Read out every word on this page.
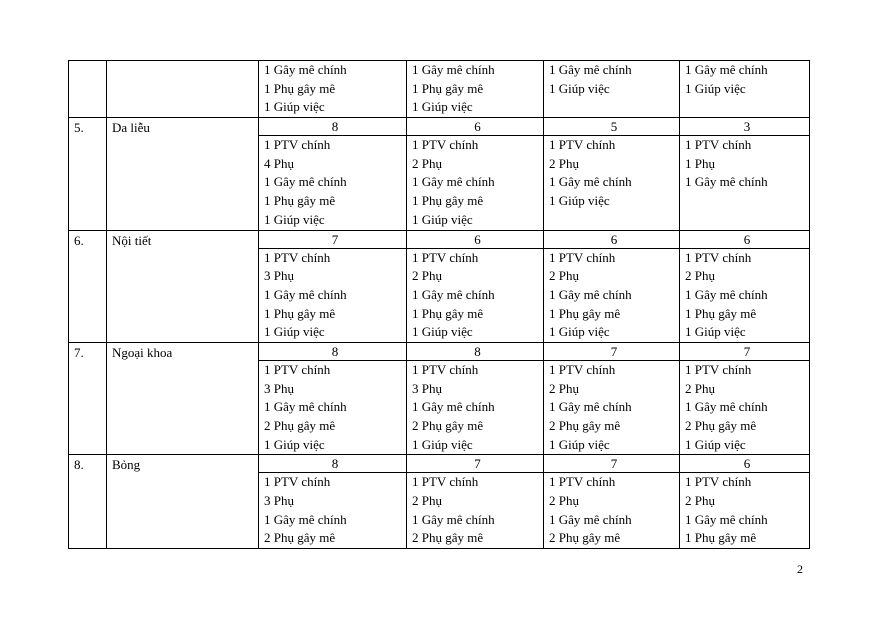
		1 Gây mê chính
1 Phụ gây mê
1 Giúp việc	1 Gây mê chính
1 Phụ gây mê
1 Giúp việc	1 Gây mê chính
1 Giúp việc	1 Gây mê chính
1 Giúp việc

5.	Da liễu	8	6	5	3

		1 PTV chính
4 Phụ
1 Gây mê chính
1 Phụ gây mê
1 Giúp việc	1 PTV chính
2 Phụ
1 Gây mê chính
1 Phụ gây mê
1 Giúp việc	1 PTV chính
2 Phụ
1 Gây mê chính
1 Giúp việc	1 PTV chính
1 Phụ
1 Gây mê chính

6.	Nội tiết	7	6	6	6

		1 PTV chính
3 Phụ
1 Gây mê chính
1 Phụ gây mê
1 Giúp việc	1 PTV chính
2 Phụ
1 Gây mê chính
1 Phụ gây mê
1 Giúp việc	1 PTV chính
2 Phụ
1 Gây mê chính
1 Phụ gây mê
1 Giúp việc	1 PTV chính
2 Phụ
1 Gây mê chính
1 Phụ gây mê
1 Giúp việc

7.	Ngoại khoa	8	8	7	7

		1 PTV chính
3 Phụ
1 Gây mê chính
2 Phụ gây mê
1 Giúp việc	1 PTV chính
3 Phụ
1 Gây mê chính
2 Phụ gây mê
1 Giúp việc	1 PTV chính
2 Phụ
1 Gây mê chính
2 Phụ gây mê
1 Giúp việc	1 PTV chính
2 Phụ
1 Gây mê chính
2 Phụ gây mê
1 Giúp việc

8.	Bỏng	8	7	7	6

		1 PTV chính
3 Phụ
1 Gây mê chính
2 Phụ gây mê	1 PTV chính
2 Phụ
1 Gây mê chính
2 Phụ gây mê	1 PTV chính
2 Phụ
1 Gây mê chính
2 Phụ gây mê	1 PTV chính
2 Phụ
1 Gây mê chính
1 Phụ gây mê
2
